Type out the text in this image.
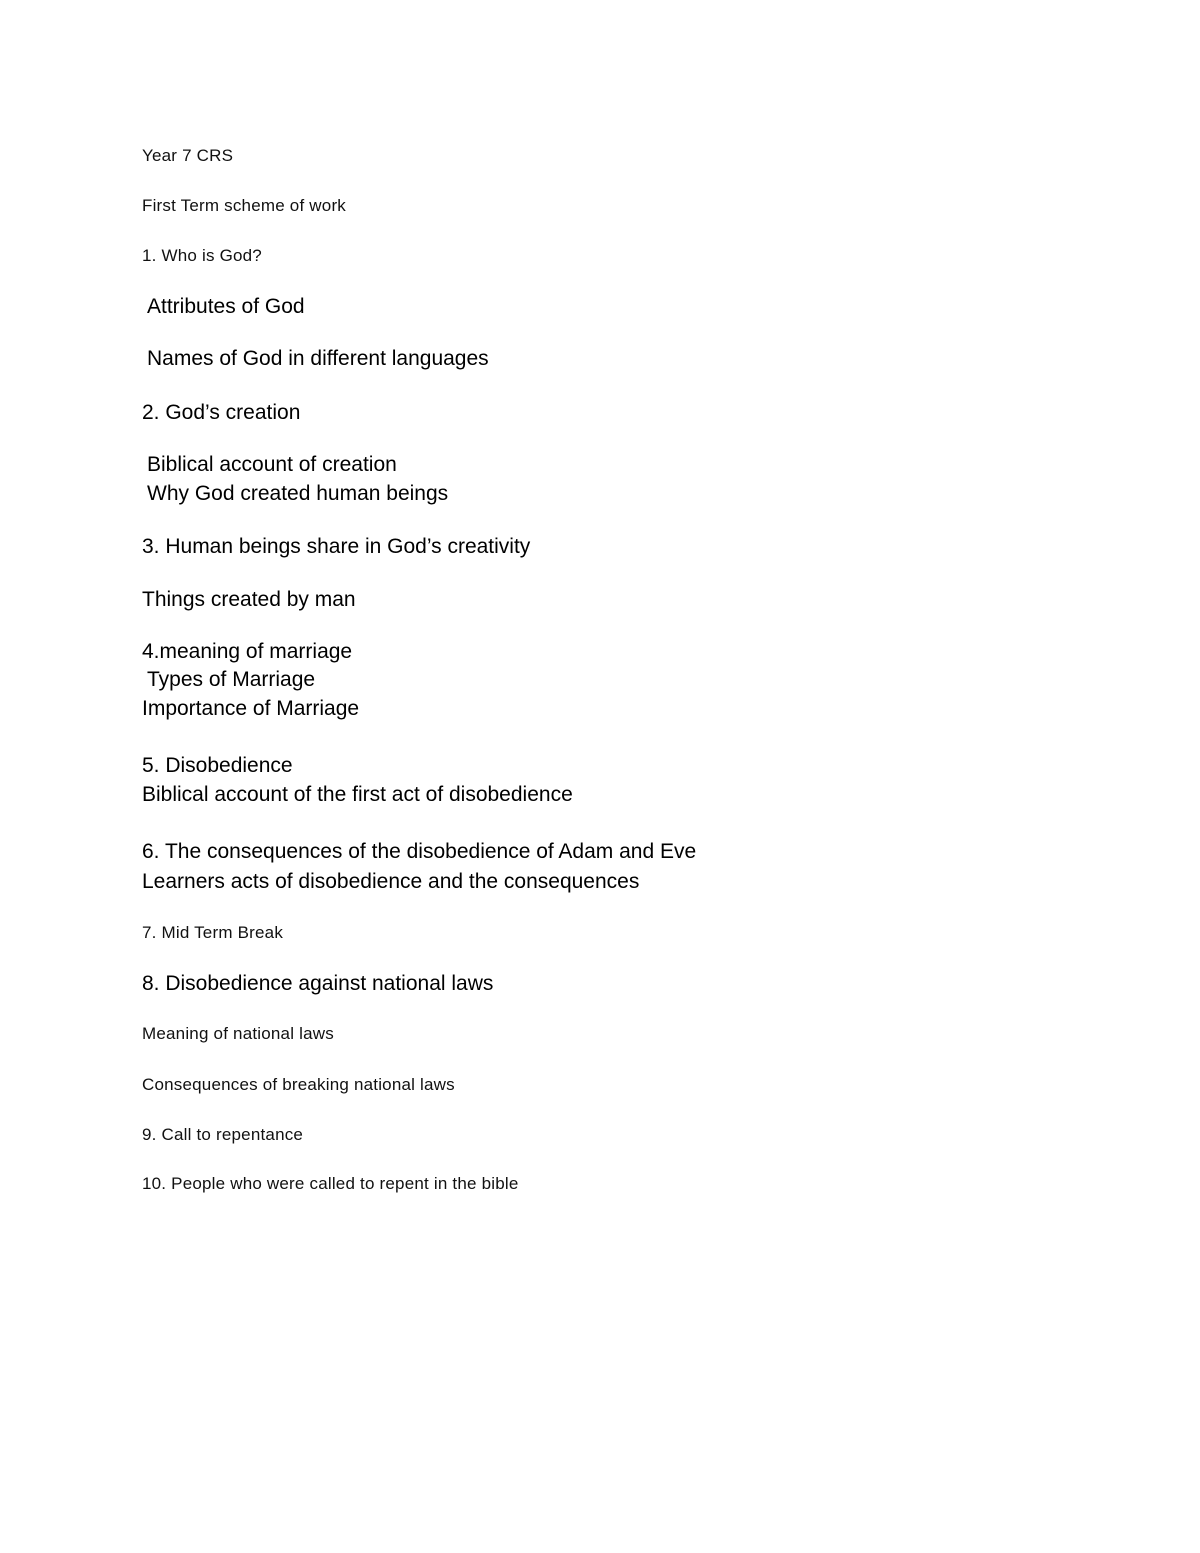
Year 7 CRS
First Term scheme of work
1. Who is God?
Attributes of God
Names of God in different languages
2. God’s creation
Biblical account of creation
Why God created human beings
3. Human beings share in God’s creativity
Things created by man
4.meaning of marriage
Types of Marriage
Importance of Marriage
5. Disobedience
Biblical account of the first act of disobedience
6. The consequences of the disobedience of Adam and Eve
Learners acts of disobedience and the consequences
7. Mid Term Break
8. Disobedience against national laws
Meaning of national laws
Consequences of breaking national laws
9. Call to repentance
10. People who were called to repent in the bible
